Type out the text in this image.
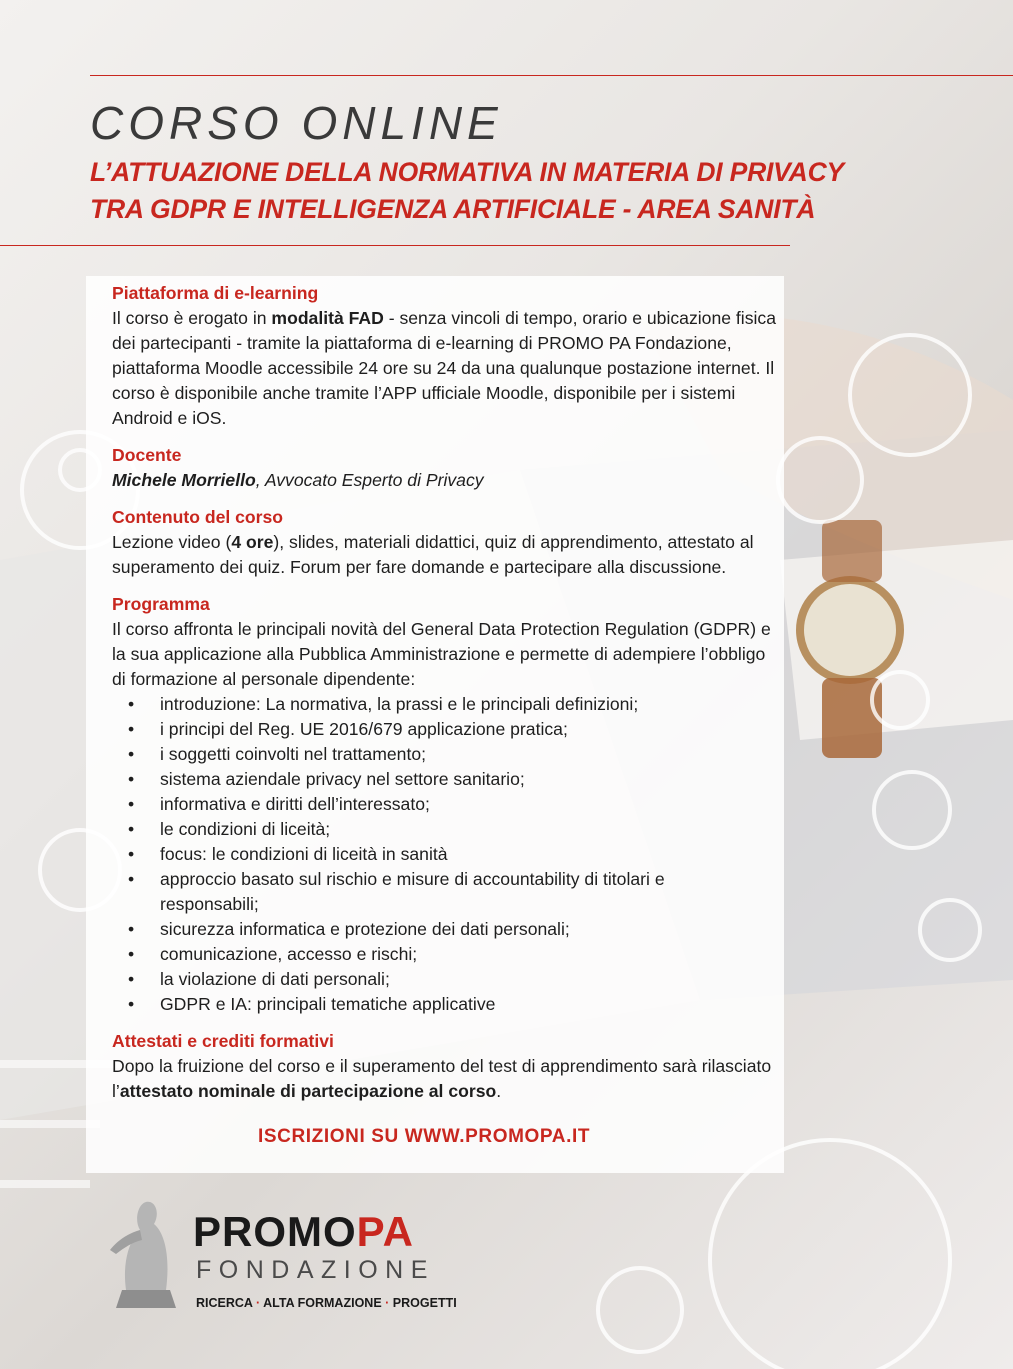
CORSO ONLINE
L’ATTUAZIONE DELLA NORMATIVA IN MATERIA DI PRIVACY
TRA GDPR E INTELLIGENZA ARTIFICIALE - AREA SANITÀ

Piattaforma di e-learning

Il corso è erogato in modalità FAD - senza vincoli di tempo, orario e ubicazione fisica dei partecipanti - tramite la piattaforma di e-learning di PROMO PA Fondazione, piattaforma Moodle accessibile 24 ore su 24 da una qualunque postazione internet. Il corso è disponibile anche tramite l’APP ufficiale Moodle, disponibile per i sistemi Android e iOS.

Docente

Michele Morriello, Avvocato Esperto di Privacy

Contenuto del corso

Lezione video (4 ore), slides, materiali didattici, quiz di apprendimento, attestato al superamento dei quiz. Forum per fare domande e partecipare alla discussione.

Programma

Il corso affronta le principali novità del General Data Protection Regulation (GDPR) e la sua applicazione alla Pubblica Amministrazione e permette di adempiere l’obbligo di formazione al personale dipendente:

• introduzione: La normativa, la prassi e le principali definizioni;
• i principi del Reg. UE 2016/679 applicazione pratica;
• i soggetti coinvolti nel trattamento;
• sistema aziendale privacy nel settore sanitario;
• informativa e diritti dell’interessato;
• le condizioni di liceità;
• focus: le condizioni di liceità in sanità
• approccio basato sul rischio e misure di accountability di titolari e responsabili;
• sicurezza informatica e protezione dei dati personali;
• comunicazione, accesso e rischi;
• la violazione di dati personali;
• GDPR e IA: principali tematiche applicative

Attestati e crediti formativi

Dopo la fruizione del corso e il superamento del test di apprendimento sarà rilasciato l’attestato nominale di partecipazione al corso.

ISCRIZIONI SU WWW.PROMOPA.IT
PROMOPA
FONDAZIONE
RICERCA · ALTA FORMAZIONE · PROGETTI
